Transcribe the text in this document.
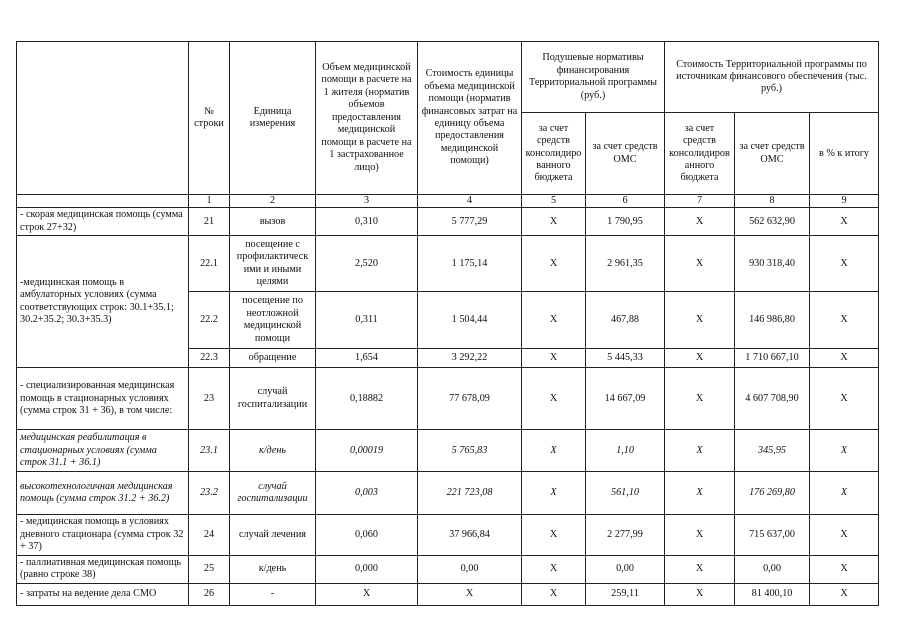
	№ строки	Единица измерения	Объем медицинской помощи в расчете на 1 жителя (норматив объемов предоставления медицинской помощи в расчете на 1 застрахованное лицо)	Стоимость единицы объема медицинской помощи (норматив финансовых затрат на единицу объема предоставления медицинской помощи)	Подушевые нормативы финансирования Территориальной программы (руб.)		Стоимость Территориальной программы по источникам финансового обеспечения (тыс. руб.)		
					за счет средств консолидиро ванного бюджета	за счет средств ОМС	за счет средств консолидиров анного бюджета	за счет средств ОМС	в % к итогу
	1	2	3	4	5	6	7	8	9
- скорая медицинская помощь (сумма строк 27+32)	21	вызов	0,310	5 777,29	X	1 790,95	X	562 632,90	X
-медицинская помощь в амбулаторных условиях (сумма соответствующих строк: 30.1+35.1; 30.2+35.2; 30.3+35.3)	22.1	посещение с профилактическ ими и иными целями	2,520	1 175,14	X	2 961,35	X	930 318,40	X
	22.2	посещение по неотложной медицинской помощи	0,311	1 504,44	X	467,88	X	146 986,80	X
	22.3	обращение	1,654	3 292,22	X	5 445,33	X	1 710 667,10	X
- специализированная медицинская помощь в стационарных условиях (сумма строк 31 + 36), в том числе:	23	случай госпитализации	0,18882	77 678,09	X	14 667,09	X	4 607 708,90	X
медицинская реабилитация в стационарных условиях (сумма строк 31.1 + 36.1)	23.1	к/день	0,00019	5 765,83	X	1,10	X	345,95	X
высокотехнологичная медицинская помощь (сумма строк 31.2 + 36.2)	23.2	случай госпитализации	0,003	221 723,08	X	561,10	X	176 269,80	X
- медицинская помощь в условиях дневного стационара (сумма строк 32 + 37)	24	случай лечения	0,060	37 966,84	X	2 277,99	X	715 637,00	X
- паллиативная медицинская помощь (равно строке 38)	25	к/день	0,000	0,00	X	0,00	X	0,00	X
- затраты на ведение дела СМО	26	-	X	X	X	259,11	X	81 400,10	X
